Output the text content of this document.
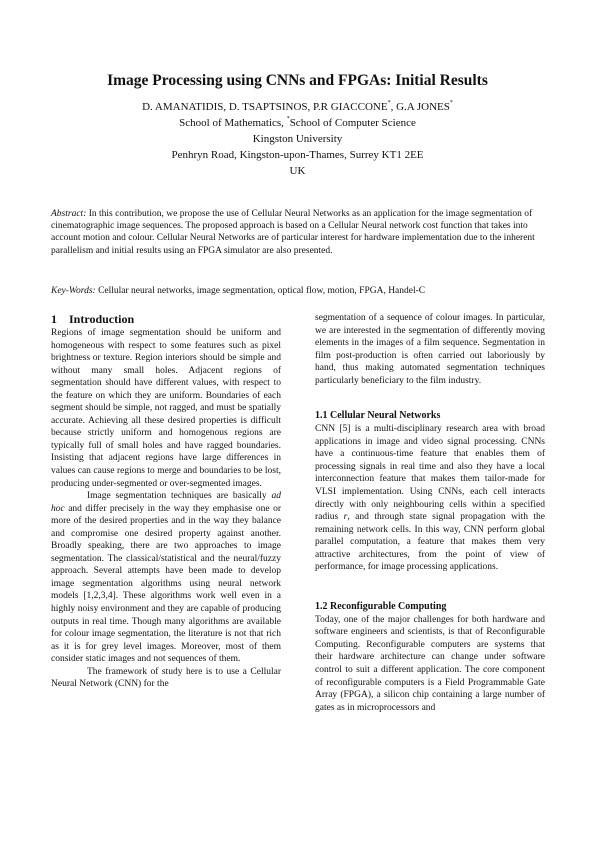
Image Processing using CNNs and FPGAs: Initial Results

D. AMANATIDIS, D. TSAPTSINOS, P.R GIACCONE*, G.A JONES*

School of Mathematics, *School of Computer Science

Kingston University

Penhryn Road, Kingston-upon-Thames, Surrey KT1 2EE

UK

Abstract: In this contribution, we propose the use of Cellular Neural Networks as an application for the image segmentation of cinematographic image sequences. The proposed approach is based on a Cellular Neural network cost function that takes into account motion and colour. Cellular Neural Networks are of particular interest for hardware implementation due to the inherent parallelism and initial results using an FPGA simulator are also presented.

Key-Words: Cellular neural networks, image segmentation, optical flow, motion, FPGA, Handel-C

1 Introduction

Regions of image segmentation should be uniform and homogeneous with respect to some features such as pixel brightness or texture. Region interiors should be simple and without many small holes. Adjacent regions of segmentation should have different values, with respect to the feature on which they are uniform. Boundaries of each segment should be simple, not ragged, and must be spatially accurate. Achieving all these desired properties is difficult because strictly uniform and homogenous regions are typically full of small holes and have ragged boundaries. Insisting that adjacent regions have large differences in values can cause regions to merge and boundaries to be lost, producing under-segmented or over-segmented images.

Image segmentation techniques are basically ad hoc and differ precisely in the way they emphasise one or more of the desired properties and in the way they balance and compromise one desired property against another. Broadly speaking, there are two approaches to image segmentation. The classical/statistical and the neural/fuzzy approach. Several attempts have been made to develop image segmentation algorithms using neural network models [1,2,3,4]. These algorithms work well even in a highly noisy environment and they are capable of producing outputs in real time. Though many algorithms are available for colour image segmentation, the literature is not that rich as it is for grey level images. Moreover, most of them consider static images and not sequences of them.

The framework of study here is to use a Cellular Neural Network (CNN) for the

segmentation of a sequence of colour images. In particular, we are interested in the segmentation of differently moving elements in the images of a film sequence. Segmentation in film post-production is often carried out laboriously by hand, thus making automated segmentation techniques particularly beneficiary to the film industry.

1.1 Cellular Neural Networks

CNN [5] is a multi-disciplinary research area with broad applications in image and video signal processing. CNNs have a continuous-time feature that enables them of processing signals in real time and also they have a local interconnection feature that makes them tailor-made for VLSI implementation. Using CNNs, each cell interacts directly with only neighbouring cells within a specified radius r, and through state signal propagation with the remaining network cells. In this way, CNN perform global parallel computation, a feature that makes them very attractive architectures, from the point of view of performance, for image processing applications.

1.2 Reconfigurable Computing

Today, one of the major challenges for both hardware and software engineers and scientists, is that of Reconfigurable Computing. Reconfigurable computers are systems that their hardware architecture can change under software control to suit a different application. The core component of reconfigurable computers is a Field Programmable Gate Array (FPGA), a silicon chip containing a large number of gates as in microprocessors and
